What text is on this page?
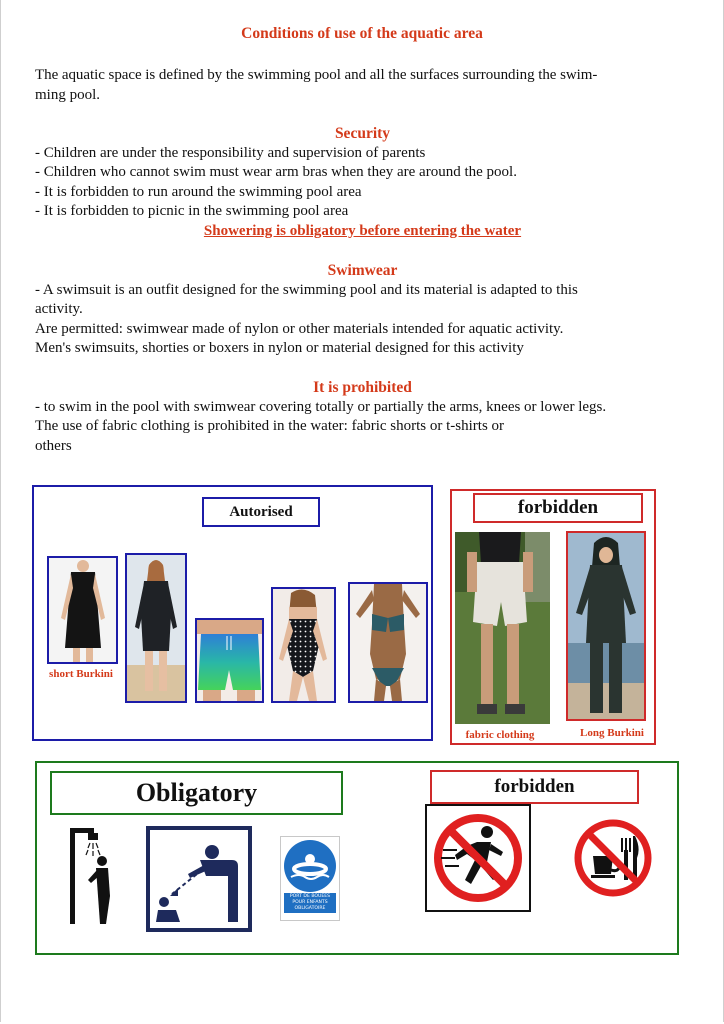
Conditions of use of the aquatic area
The aquatic space is defined by the swimming pool and all the surfaces surrounding the swim-
ming pool.
Security
- Children are under the responsibility and supervision of parents
- Children who cannot swim must wear arm bras when they are around the pool.
- It is forbidden to run around the swimming pool area
- It is forbidden to picnic in the swimming pool area
Showering is obligatory before entering the water
Swimwear
- A swimsuit is an outfit designed for the swimming pool and its material is adapted to this
activity.
Are permitted: swimwear made of nylon or other materials intended for aquatic activity.
Men's swimsuits, shorties or boxers in nylon or material designed for this activity
It is prohibited
- to swim in the pool with swimwear covering totally or partially the arms, knees or lower legs.
The use of fabric clothing is prohibited in the water: fabric shorts or t-shirts or
others
Autorised
short Burkini
forbidden
fabric clothing	Long Burkini
Obligatory	forbidden
PORT DE BOUEES
POUR ENFANTS
OBLIGATOIRE
